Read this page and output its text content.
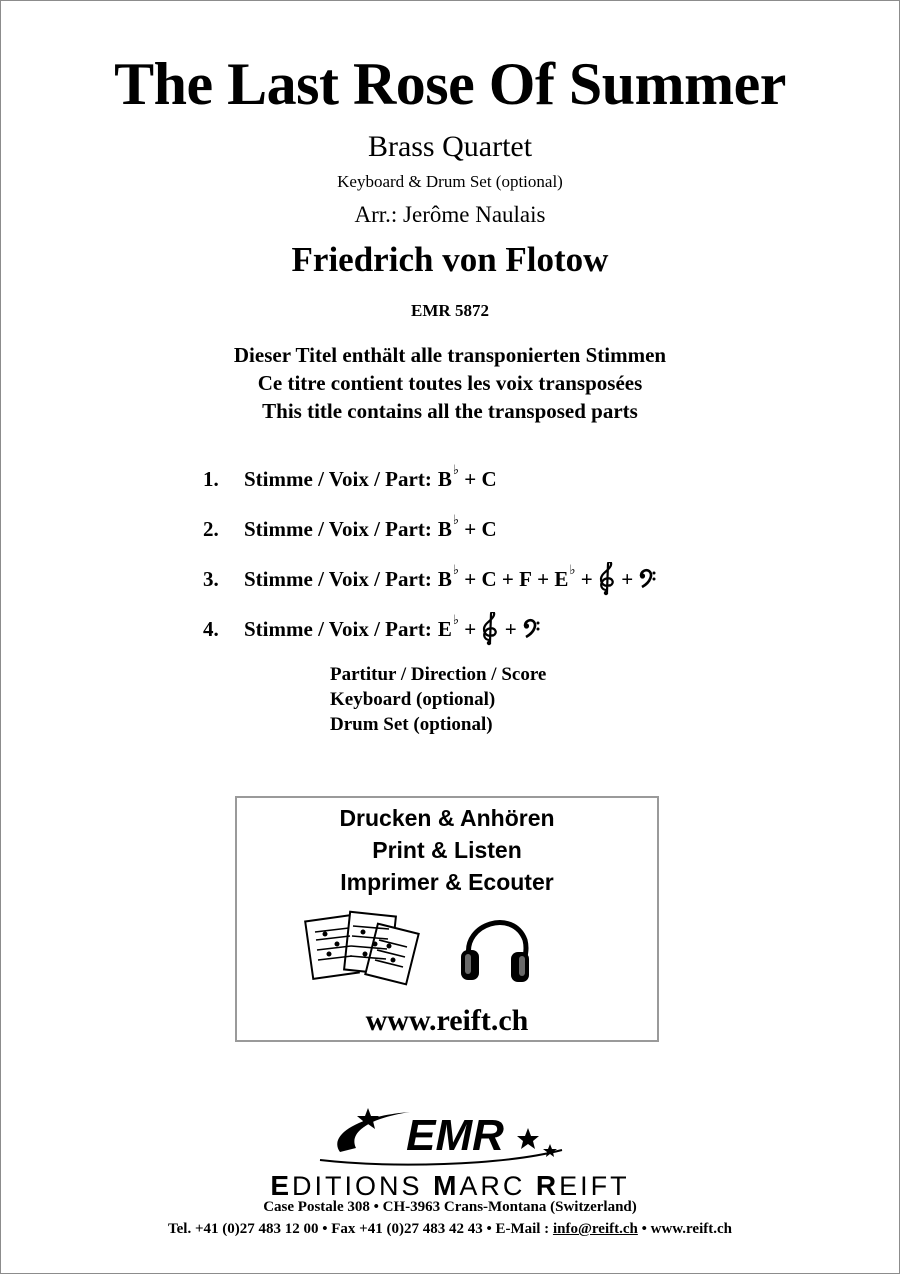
The Last Rose Of Summer
Brass Quartet
Keyboard & Drum Set (optional)
Arr.: Jerôme Naulais
Friedrich von Flotow
EMR 5872
Dieser Titel enthält alle transponierten Stimmen
Ce titre contient toutes les voix transposées
This title contains all the transposed parts
1.	Stimme / Voix / Part: B ♭
+
C
2.	Stimme / Voix / Part: B ♭
+
C
3.	Stimme / Voix / Part: B ♭
+
C
+
F
+
E ♭
+

+

4.	Stimme / Voix / Part: E ♭
+

+

Partitur / Direction / Score
Keyboard (optional)
Drum Set (optional)
Drucken & Anhören
Print & Listen
Imprimer & Ecouter
www.reift.ch
EMR
EDITIONS MARC REIFT
Case Postale 308 • CH-3963 Crans-Montana (Switzerland)
Tel. +41 (0)27 483 12 00 • Fax +41 (0)27 483 42 43 • E-Mail : info@reift.ch • www.reift.ch
